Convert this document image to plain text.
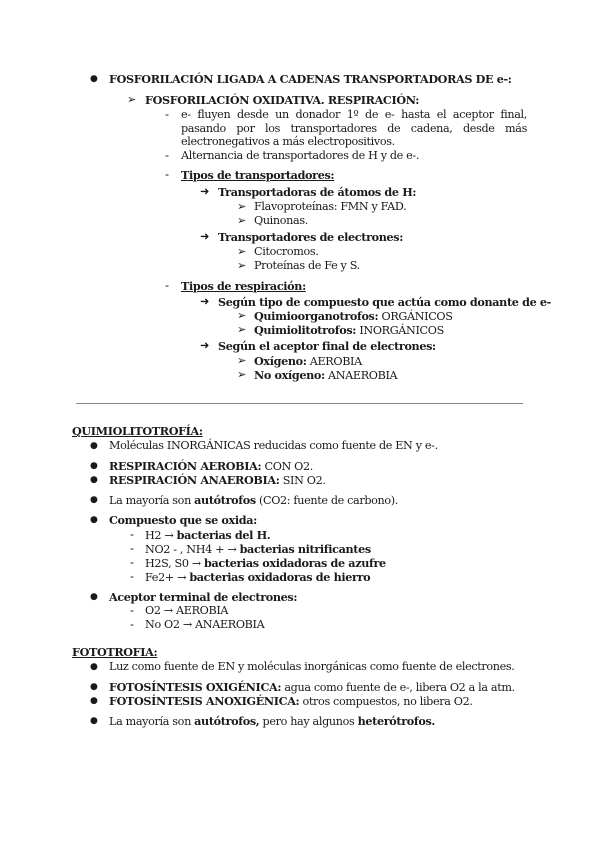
● FOSFORILACIÓN LIGADA A CADENAS TRANSPORTADORAS DE e-:
➢ FOSFORILACIÓN OXIDATIVA. RESPIRACIÓN:
- e- fluyen desde un donador 1º de e- hasta el aceptor final, pasando por los transportadores de cadena, desde más electronegativos a más electropositivos.
- Alternancia de transportadores de H y de e-.
- Tipos de transportadores:
➜ Transportadoras de átomos de H:
➢ Flavoproteínas: FMN y FAD.
➢ Quinonas.
➜ Transportadores de electrones:
➢ Citocromos.
➢ Proteínas de Fe y S.
- Tipos de respiración:
➜ Según tipo de compuesto que actúa como donante de e-
➢ Quimioorganotrofos: ORGÁNICOS
➢ Quimiolitotrofos: INORGÁNICOS
➜ Según el aceptor final de electrones:
➢ Oxígeno: AEROBIA
➢ No oxígeno: ANAEROBIA
QUIMIOLITOTROFÍA:
● Moléculas INORGÁNICAS reducidas como fuente de EN y e-.
● RESPIRACIÓN AEROBIA: CON O2.
● RESPIRACIÓN ANAEROBIA: SIN O2.
● La mayoría son autótrofos (CO2: fuente de carbono).
● Compuesto que se oxida:
- H2 → bacterias del H.
- NO2 - , NH4 + → bacterias nitrificantes
- H2S, S0 → bacterias oxidadoras de azufre
- Fe2+ → bacterias oxidadoras de hierro
● Aceptor terminal de electrones:
- O2 → AEROBIA
- No O2 → ANAEROBIA
FOTOTROFIA:
● Luz como fuente de EN y moléculas inorgánicas como fuente de electrones.
● FOTOSÍNTESIS OXIGÉNICA: agua como fuente de e-, libera O2 a la atm.
● FOTOSÍNTESIS ANOXIGÉNICA: otros compuestos, no libera O2.
● La mayoría son autótrofos, pero hay algunos heterótrofos.
